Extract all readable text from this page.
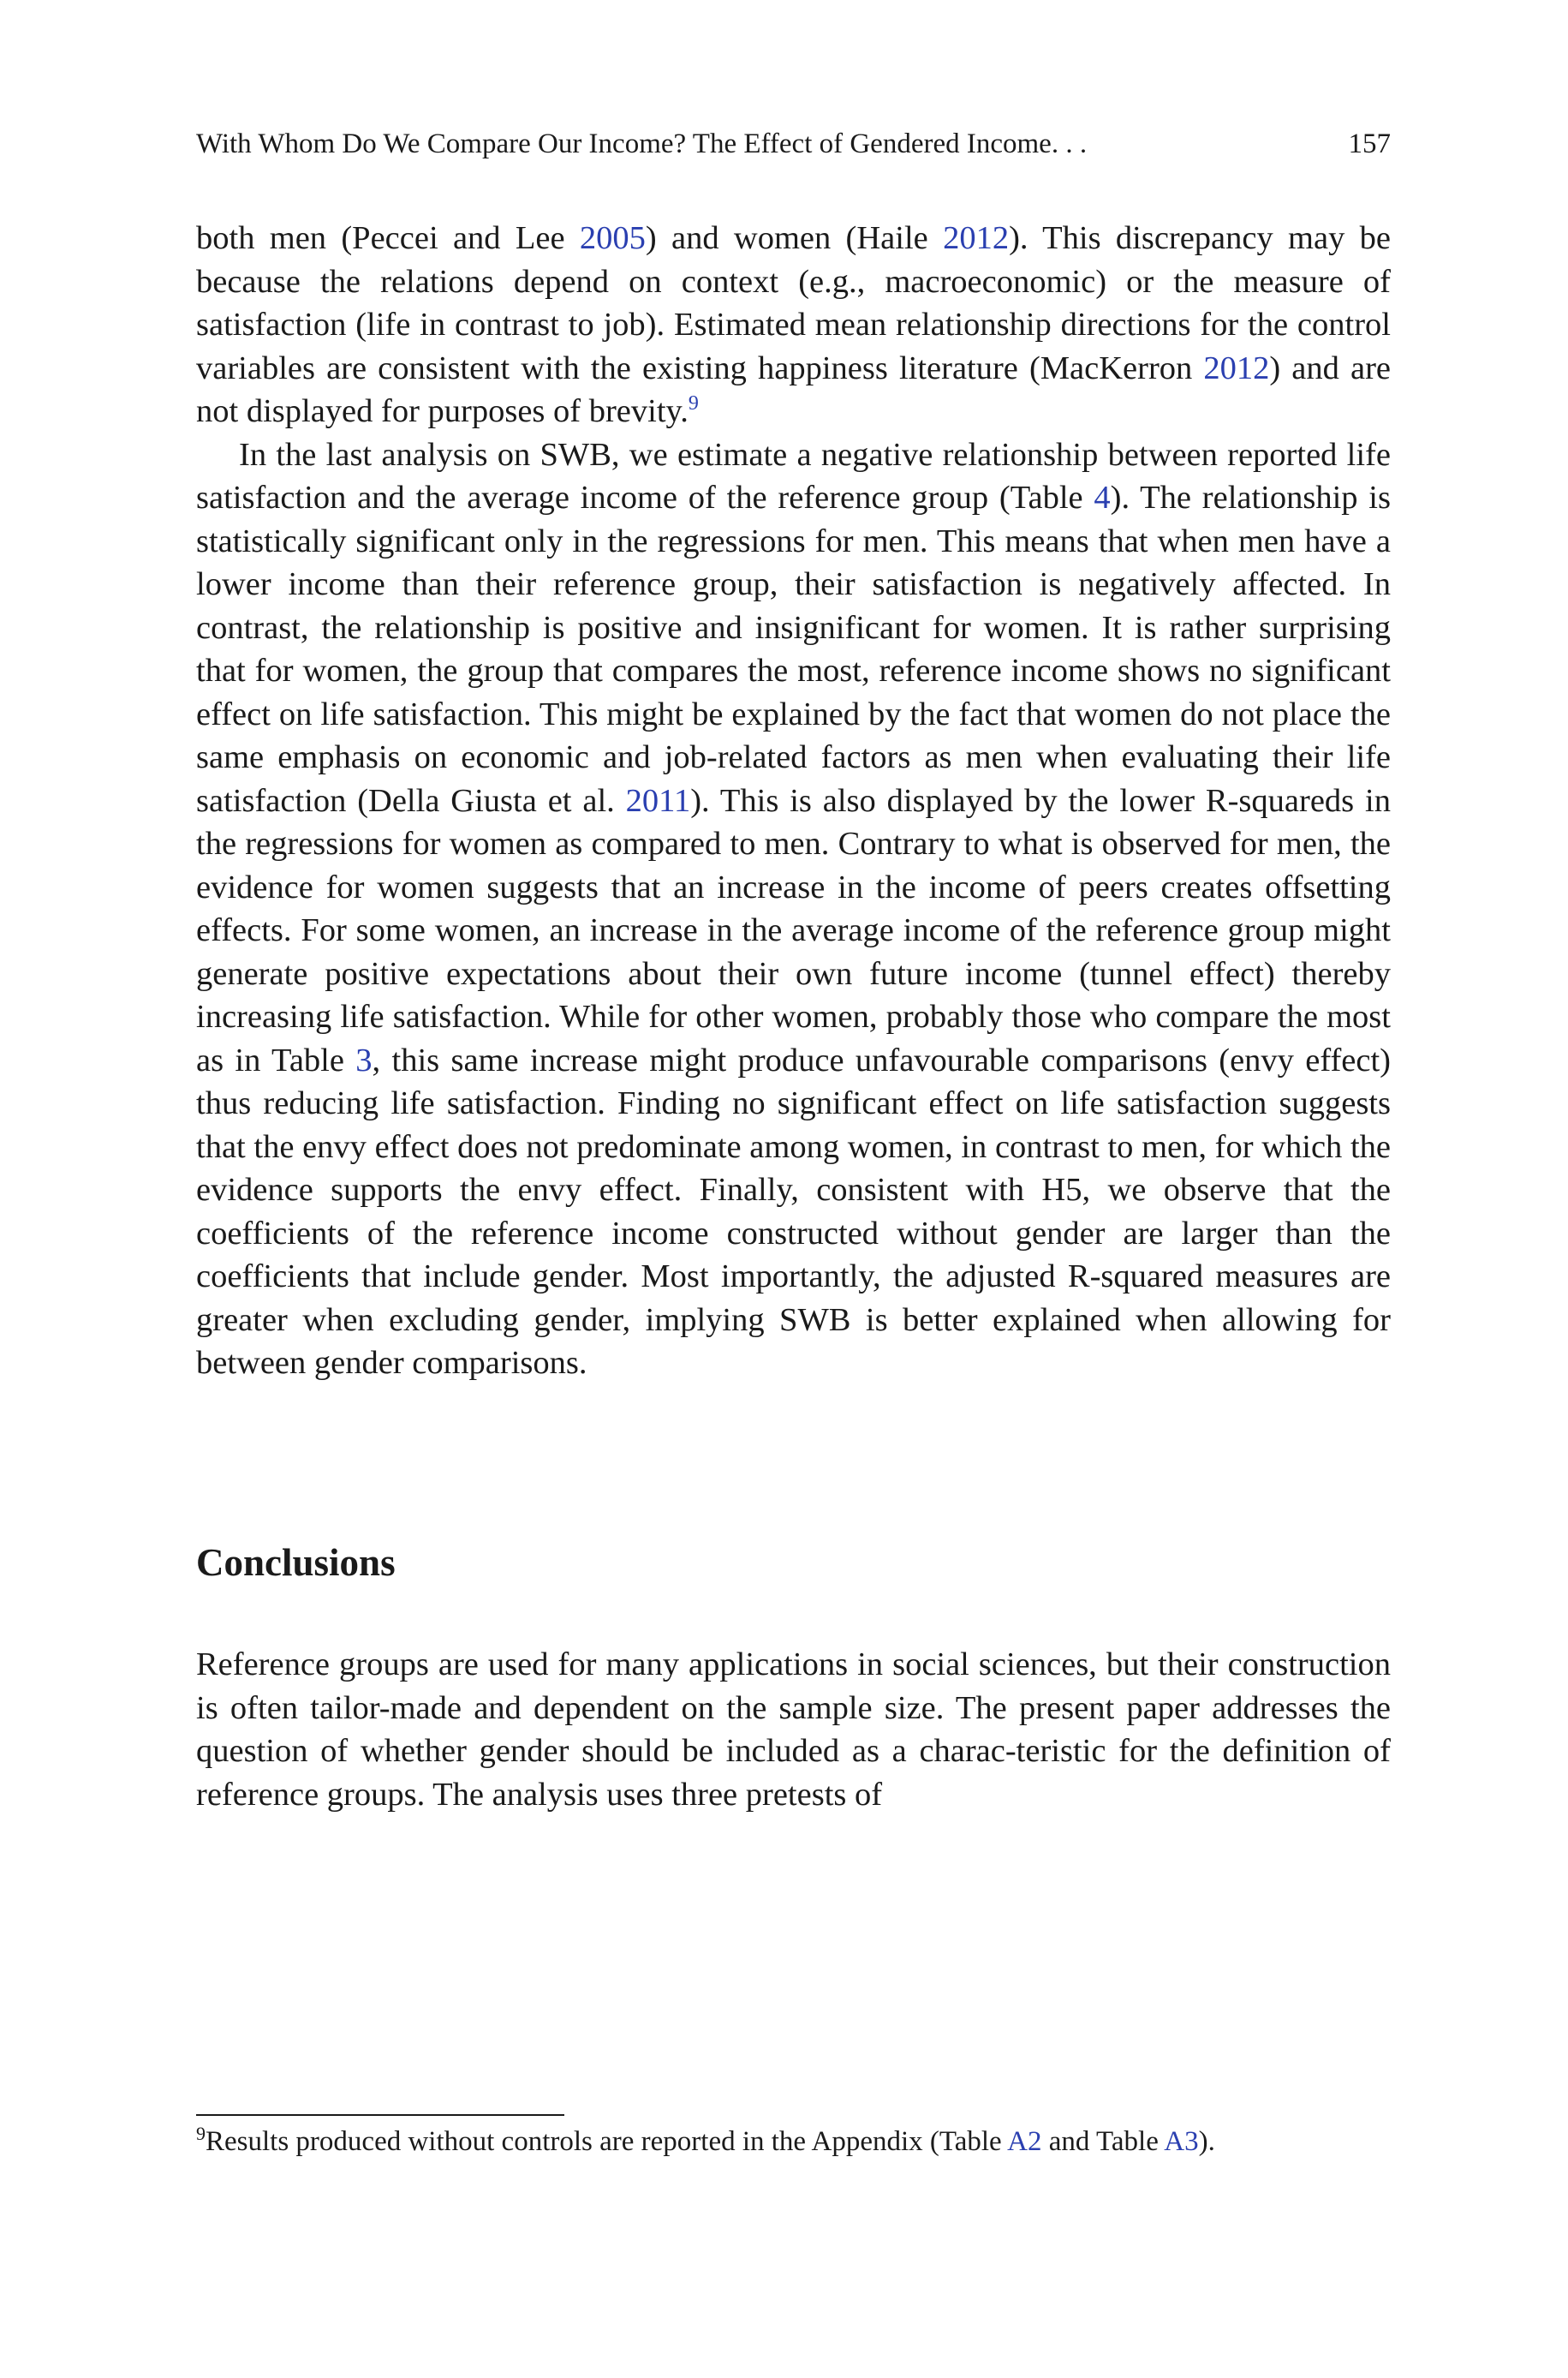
With Whom Do We Compare Our Income? The Effect of Gendered Income. . .	157

both men (Peccei and Lee 2005) and women (Haile 2012). This discrepancy may be because the relations depend on context (e.g., macroeconomic) or the measure of satisfaction (life in contrast to job). Estimated mean relationship directions for the control variables are consistent with the existing happiness literature (MacKerron 2012) and are not displayed for purposes of brevity.$^9$

In the last analysis on SWB, we estimate a negative relationship between reported life satisfaction and the average income of the reference group (Table 4). The relationship is statistically significant only in the regressions for men. This means that when men have a lower income than their reference group, their satisfaction is negatively affected. In contrast, the relationship is positive and insignificant for women. It is rather surprising that for women, the group that compares the most, reference income shows no significant effect on life satisfaction. This might be explained by the fact that women do not place the same emphasis on economic and job-related factors as men when evaluating their life satisfaction (Della Giusta et al. 2011). This is also displayed by the lower R-squareds in the regressions for women as compared to men. Contrary to what is observed for men, the evidence for women suggests that an increase in the income of peers creates offsetting effects. For some women, an increase in the average income of the reference group might generate positive expectations about their own future income (tunnel effect) thereby increasing life satisfaction. While for other women, probably those who compare the most as in Table 3, this same increase might produce unfavourable comparisons (envy effect) thus reducing life satisfaction. Finding no significant effect on life satisfaction suggests that the envy effect does not predominate among women, in contrast to men, for which the evidence supports the envy effect. Finally, consistent with H5, we observe that the coefficients of the reference income constructed without gender are larger than the coefficients that include gender. Most importantly, the adjusted R-squared measures are greater when excluding gender, implying SWB is better explained when allowing for between gender comparisons.

Conclusions

Reference groups are used for many applications in social sciences, but their construction is often tailor-made and dependent on the sample size. The present paper addresses the question of whether gender should be included as a charac-teristic for the definition of reference groups. The analysis uses three pretests of

$^9$Results produced without controls are reported in the Appendix (Table A2 and Table A3).
